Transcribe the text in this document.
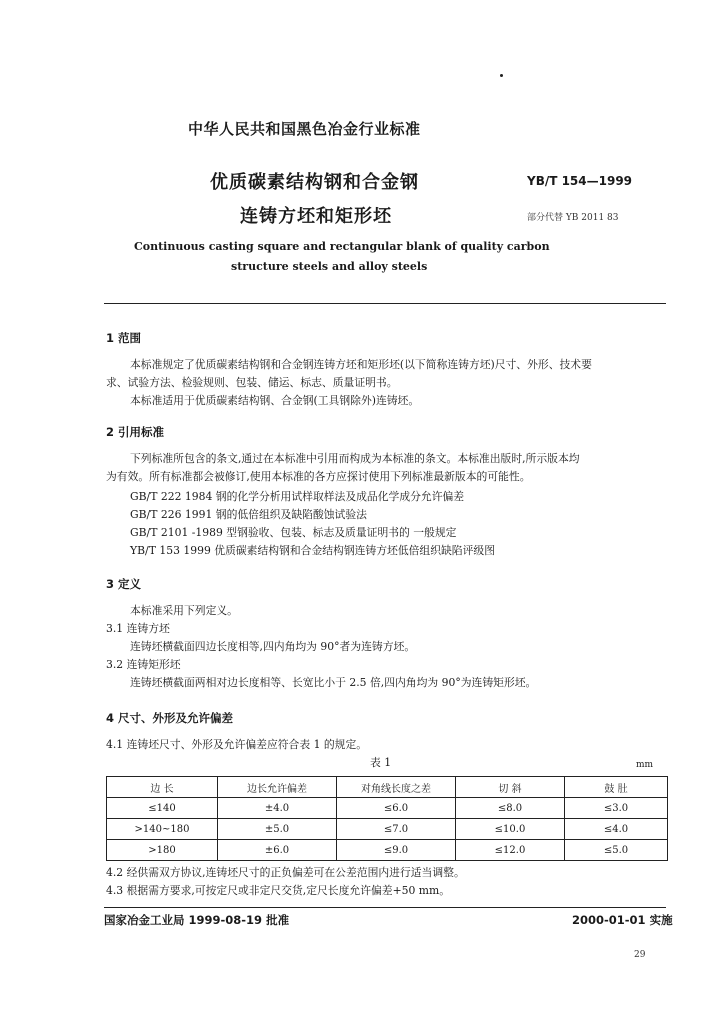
中华人民共和国黑色冶金行业标准
优质碳素结构钢和合金钢
连铸方坯和矩形坯
YB/T 154—1999
部分代替 YB 2011 83
Continuous casting square and rectangular blank of quality carbon
structure steels and alloy steels
1 范围
本标准规定了优质碳素结构钢和合金钢连铸方坯和矩形坯(以下简称连铸方坯)尺寸、外形、技术要
求、试验方法、检验规则、包装、储运、标志、质量证明书。
本标准适用于优质碳素结构钢、合金钢(工具钢除外)连铸坯。
2 引用标准
下列标准所包含的条文,通过在本标准中引用而构成为本标准的条文。本标准出版时,所示版本均
为有效。所有标准都会被修订,使用本标准的各方应探讨使用下列标准最新版本的可能性。
GB/T 222 1984 钢的化学分析用试样取样法及成品化学成分允许偏差
GB/T 226 1991 钢的低倍组织及缺陷酸蚀试验法
GB/T 2101 -1989 型钢验收、包装、标志及质量证明书的 一般规定
YB/T 153 1999 优质碳素结构钢和合金结构钢连铸方坯低倍组织缺陷评级图
3 定义
本标准采用下列定义。
3.1 连铸方坯
连铸坯横截面四边长度相等,四内角均为 90°者为连铸方坯。
3.2 连铸矩形坯
连铸坯横截面两相对边长度相等、长宽比小于 2.5 倍,四内角均为 90°为连铸矩形坯。
4 尺寸、外形及允许偏差
4.1 连铸坯尺寸、外形及允许偏差应符合表 1 的规定。
表 1	mm
边 长	边长允许偏差	对角线长度之差	切 斜	鼓 肚
≤140	±4.0	≤6.0	≤8.0	≤3.0
>140~180	±5.0	≤7.0	≤10.0	≤4.0
>180	±6.0	≤9.0	≤12.0	≤5.0
4.2 经供需双方协议,连铸坯尺寸的正负偏差可在公差范围内进行适当调整。
4.3 根据需方要求,可按定尺或非定尺交货,定尺长度允许偏差+50 mm。
国家冶金工业局 1999-08-19 批准	2000-01-01 实施
29
